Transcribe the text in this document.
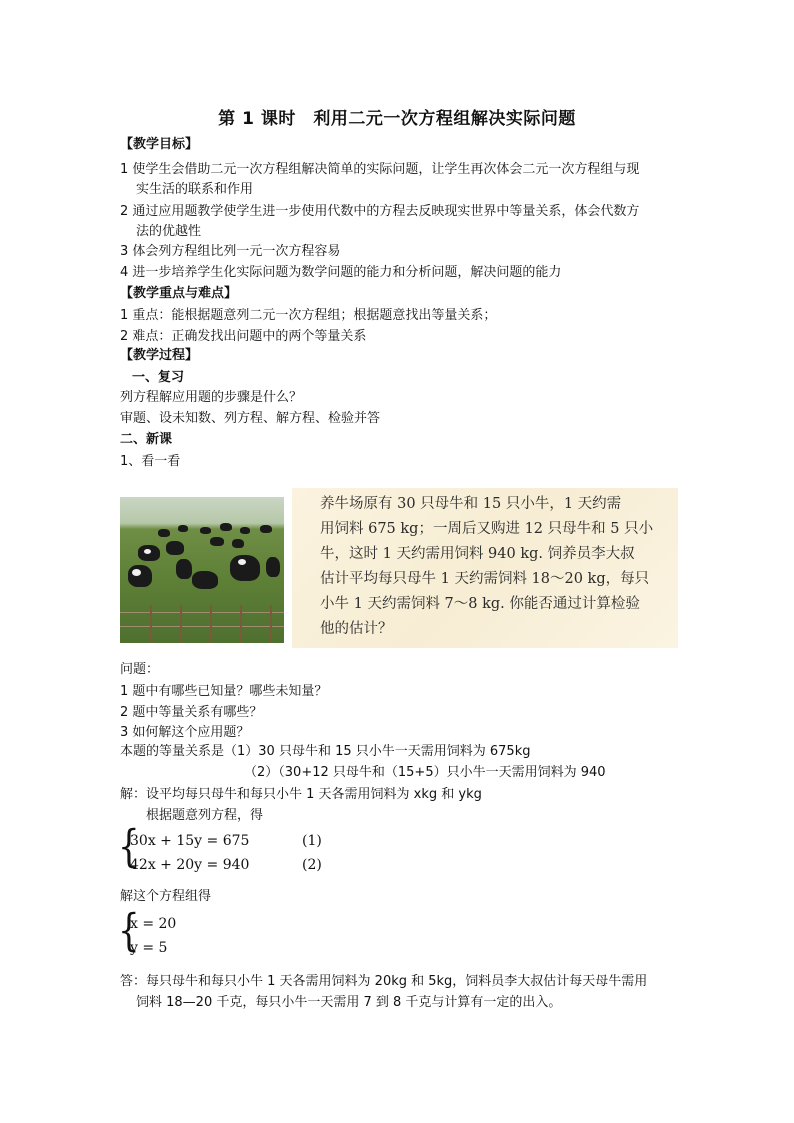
第 1 课时　利用二元一次方程组解决实际问题
【教学目标】
1 使学生会借助二元一次方程组解决简单的实际问题，让学生再次体会二元一次方程组与现
实生活的联系和作用
2 通过应用题教学使学生进一步使用代数中的方程去反映现实世界中等量关系，体会代数方
法的优越性
3 体会列方程组比列一元一次方程容易
4 进一步培养学生化实际问题为数学问题的能力和分析问题，解决问题的能力
【教学重点与难点】
1 重点：能根据题意列二元一次方程组；根据题意找出等量关系；
2 难点：正确发找出问题中的两个等量关系
【教学过程】
一、复习
列方程解应用题的步骤是什么？
审题、设未知数、列方程、解方程、检验并答
二、新课
1、看一看
养牛场原有 30 只母牛和 15 只小牛，1 天约需
用饲料 675 kg；一周后又购进 12 只母牛和 5 只小
牛，这时 1 天约需用饲料 940 kg. 饲养员李大叔
估计平均每只母牛 1 天约需饲料 18～20 kg，每只
小牛 1 天约需饲料 7～8 kg. 你能否通过计算检验
他的估计？
问题：
1 题中有哪些已知量？哪些未知量？
2 题中等量关系有哪些？
3 如何解这个应用题？
本题的等量关系是（1）30 只母牛和 15 只小牛一天需用饲料为 675kg
（2）（30+12 只母牛和（15+5）只小牛一天需用饲料为 940
解：设平均每只母牛和每只小牛 1 天各需用饲料为 xkg 和 ykg
根据题意列方程，得
{
30x + 15y = 675	(1)
42x + 20y = 940	(2)
解这个方程组得
{
x = 20
y = 5
答：每只母牛和每只小牛 1 天各需用饲料为 20kg 和 5kg，饲料员李大叔估计每天母牛需用
饲料 18—20 千克，每只小牛一天需用 7 到 8 千克与计算有一定的出入。
